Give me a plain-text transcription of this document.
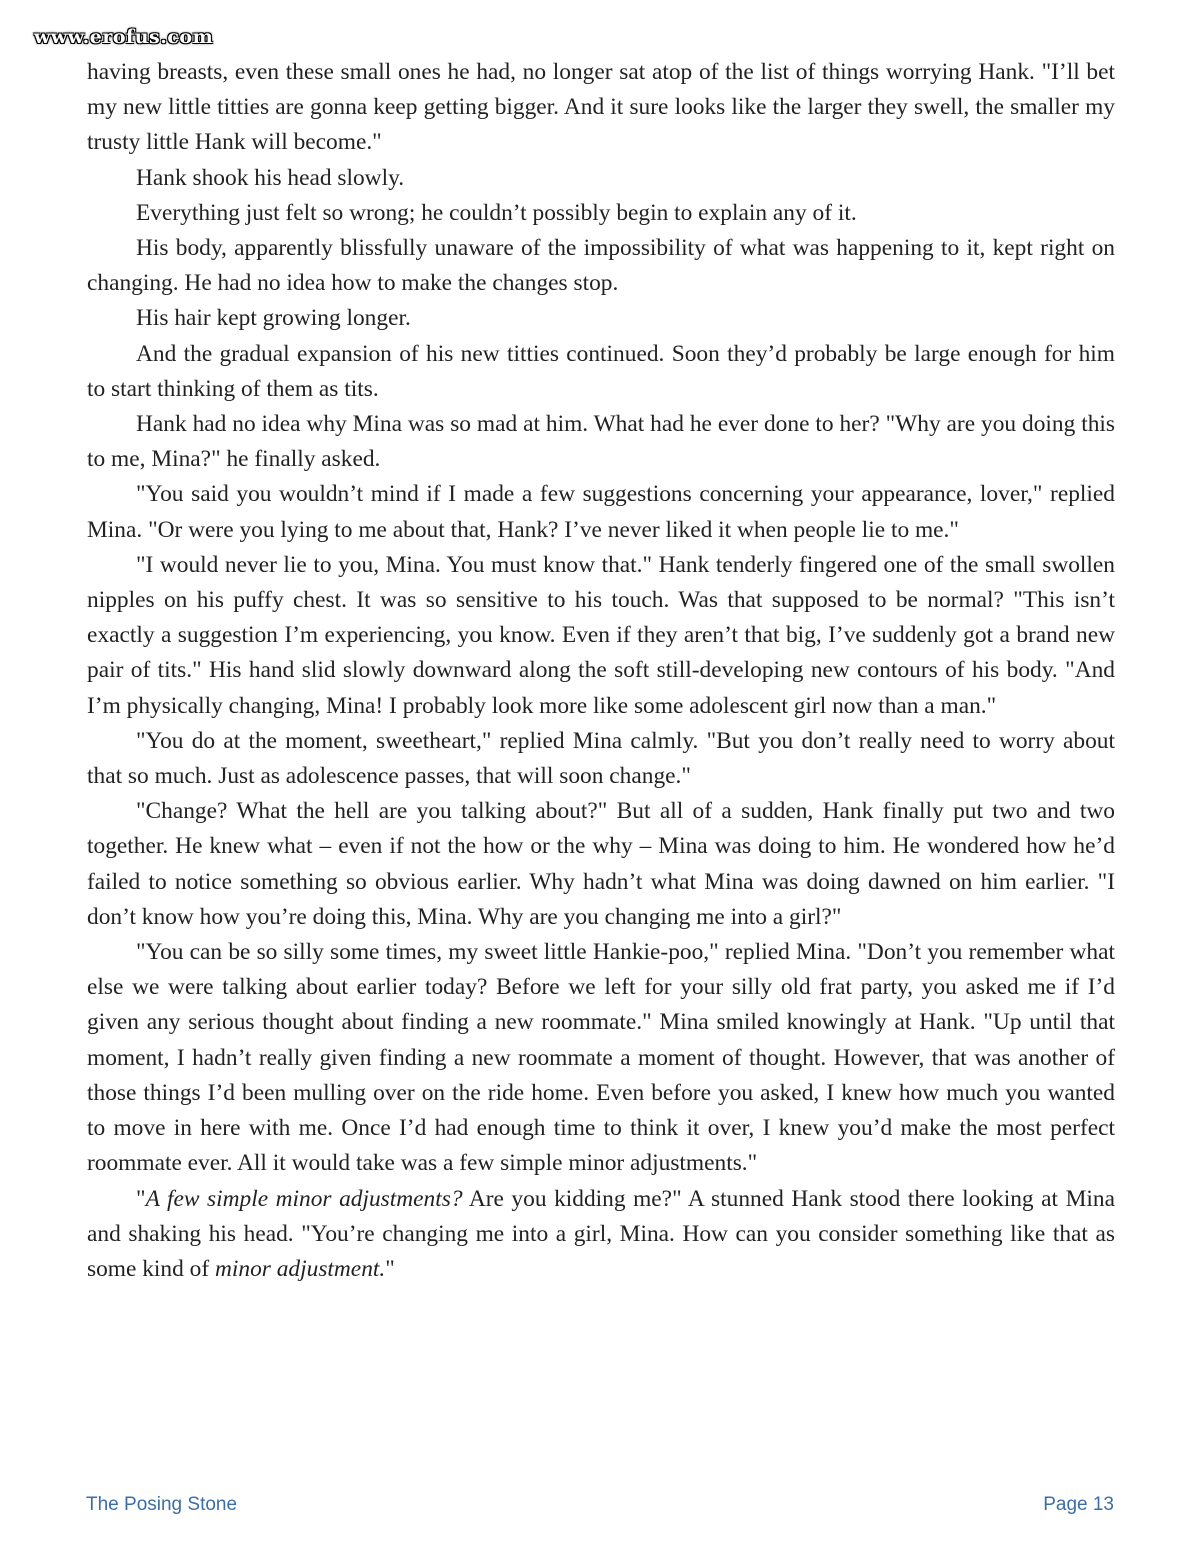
www.erofus.com

having breasts, even these small ones he had, no longer sat atop of the list of things worrying Hank. "I’ll bet my new little titties are gonna keep getting bigger. And it sure looks like the larger they swell, the smaller my trusty little Hank will become."

Hank shook his head slowly.

Everything just felt so wrong; he couldn’t possibly begin to explain any of it.

His body, apparently blissfully unaware of the impossibility of what was happening to it, kept right on changing. He had no idea how to make the changes stop.

His hair kept growing longer.

And the gradual expansion of his new titties continued. Soon they’d probably be large enough for him to start thinking of them as tits.

Hank had no idea why Mina was so mad at him. What had he ever done to her? "Why are you doing this to me, Mina?" he finally asked.

"You said you wouldn’t mind if I made a few suggestions concerning your appearance, lover," replied Mina. "Or were you lying to me about that, Hank? I’ve never liked it when people lie to me."

"I would never lie to you, Mina. You must know that." Hank tenderly fingered one of the small swollen nipples on his puffy chest. It was so sensitive to his touch. Was that supposed to be normal? "This isn’t exactly a suggestion I’m experiencing, you know. Even if they aren’t that big, I’ve suddenly got a brand new pair of tits." His hand slid slowly downward along the soft still-developing new contours of his body. "And I’m physically changing, Mina! I probably look more like some adolescent girl now than a man."

"You do at the moment, sweetheart," replied Mina calmly. "But you don’t really need to worry about that so much. Just as adolescence passes, that will soon change."

"Change? What the hell are you talking about?" But all of a sudden, Hank finally put two and two together. He knew what – even if not the how or the why – Mina was doing to him. He wondered how he’d failed to notice something so obvious earlier. Why hadn’t what Mina was doing dawned on him earlier. "I don’t know how you’re doing this, Mina. Why are you changing me into a girl?"

"You can be so silly some times, my sweet little Hankie-poo," replied Mina. "Don’t you remember what else we were talking about earlier today? Before we left for your silly old frat party, you asked me if I’d given any serious thought about finding a new roommate." Mina smiled knowingly at Hank. "Up until that moment, I hadn’t really given finding a new roommate a moment of thought. However, that was another of those things I’d been mulling over on the ride home. Even before you asked, I knew how much you wanted to move in here with me. Once I’d had enough time to think it over, I knew you’d make the most perfect roommate ever. All it would take was a few simple minor adjustments."

"A few simple minor adjustments? Are you kidding me?" A stunned Hank stood there looking at Mina and shaking his head. "You’re changing me into a girl, Mina. How can you consider something like that as some kind of minor adjustment."

The Posing Stone	Page 13
